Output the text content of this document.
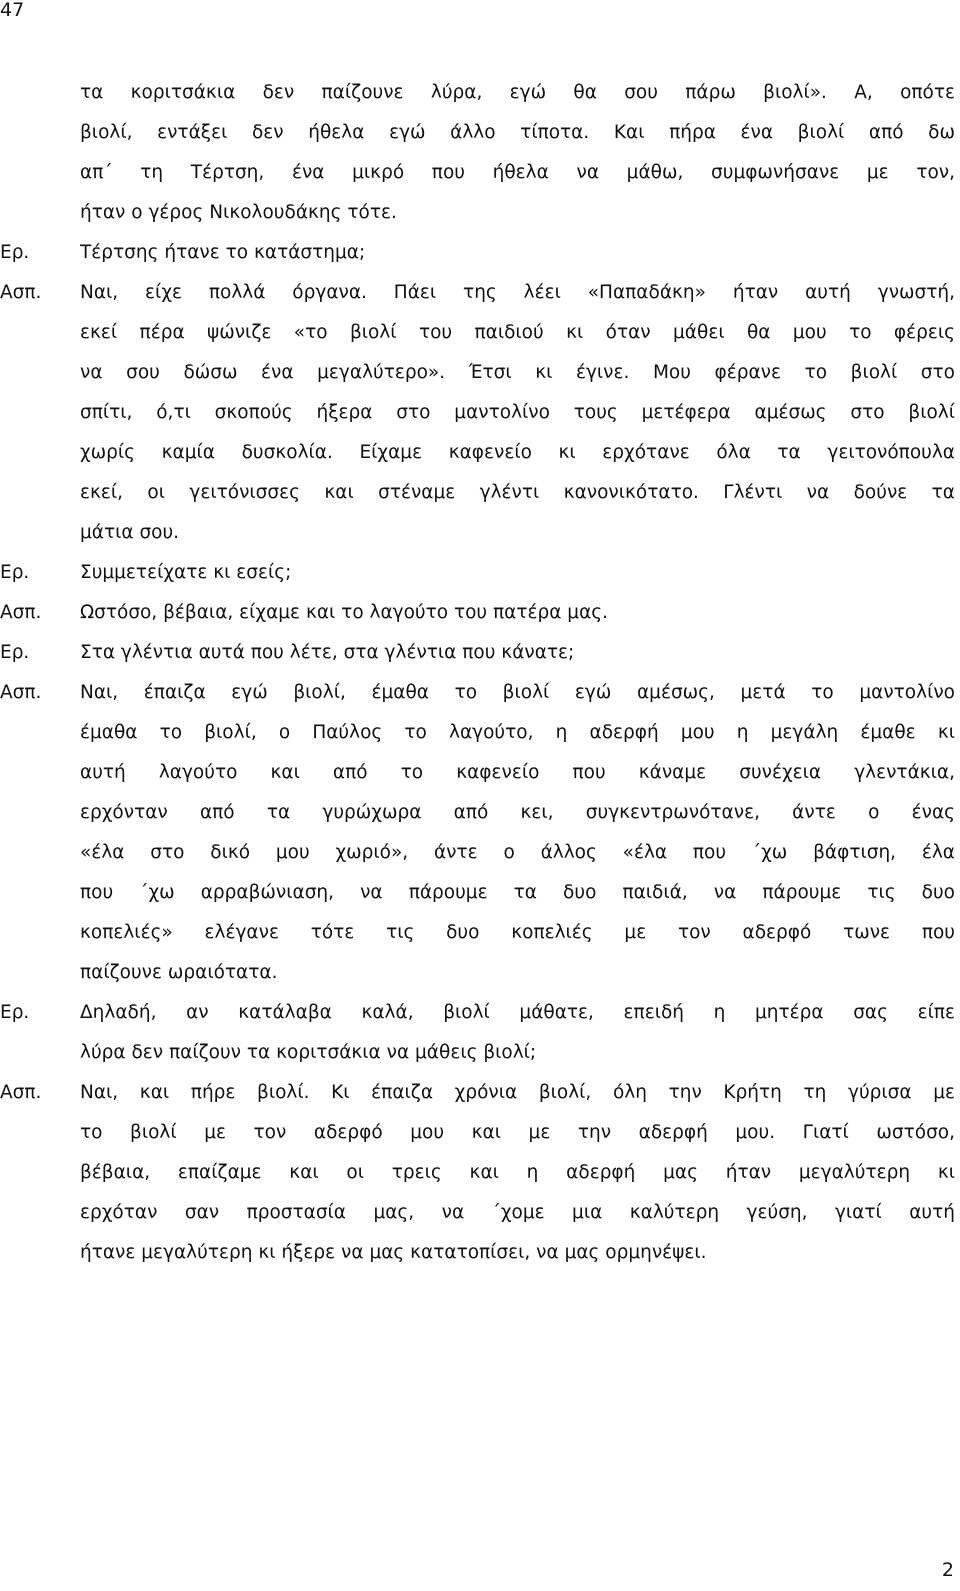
47
τα κοριτσάκια δεν παίζουνε λύρα, εγώ θα σου πάρω βιολί». Α, οπότε
βιολί, εντάξει δεν ήθελα εγώ άλλο τίποτα. Και πήρα ένα βιολί από δω
απ΄ τη Τέρτση, ένα μικρό που ήθελα να μάθω, συμφωνήσανε με τον,
ήταν ο γέρος Νικολουδάκης τότε.
Ερ.	Τέρτσης ήτανε το κατάστημα;
Ασπ.	Ναι, είχε πολλά όργανα. Πάει της λέει «Παπαδάκη» ήταν αυτή γνωστή,
εκεί πέρα ψώνιζε «το βιολί του παιδιού κι όταν μάθει θα μου το φέρεις
να σου δώσω ένα μεγαλύτερο». Έτσι κι έγινε. Μου φέρανε το βιολί στο
σπίτι, ό,τι σκοπούς ήξερα στο μαντολίνο τους μετέφερα αμέσως στο βιολί
χωρίς καμία δυσκολία. Είχαμε καφενείο κι ερχότανε όλα τα γειτονόπουλα
εκεί, οι γειτόνισσες και στέναμε γλέντι κανονικότατο. Γλέντι να δούνε τα
μάτια σου.
Ερ.	Συμμετείχατε κι εσείς;
Ασπ.	Ωστόσο, βέβαια, είχαμε και το λαγούτο του πατέρα μας.
Ερ.	Στα γλέντια αυτά που λέτε, στα γλέντια που κάνατε;
Ασπ.	Ναι, έπαιζα εγώ βιολί, έμαθα το βιολί εγώ αμέσως, μετά το μαντολίνο
έμαθα το βιολί, ο Παύλος το λαγούτο, η αδερφή μου η μεγάλη έμαθε κι
αυτή λαγούτο και από το καφενείο που κάναμε συνέχεια γλεντάκια,
ερχόνταν από τα γυρώχωρα από κει, συγκεντρωνότανε, άντε ο ένας
«έλα στο δικό μου χωριό», άντε ο άλλος «έλα που ΄χω βάφτιση, έλα
που ΄χω αρραβώνιαση, να πάρουμε τα δυο παιδιά, να πάρουμε τις δυο
κοπελιές» ελέγανε τότε τις δυο κοπελιές με τον αδερφό τωνε που
παίζουνε ωραιότατα.
Ερ.	Δηλαδή, αν κατάλαβα καλά, βιολί μάθατε, επειδή η μητέρα σας είπε
λύρα δεν παίζουν τα κοριτσάκια να μάθεις βιολί;
Ασπ.	Ναι, και πήρε βιολί. Κι έπαιζα χρόνια βιολί, όλη την Κρήτη τη γύρισα με
το βιολί με τον αδερφό μου και με την αδερφή μου. Γιατί ωστόσο,
βέβαια, επαίζαμε και οι τρεις και η αδερφή μας ήταν μεγαλύτερη κι
ερχόταν σαν προστασία μας, να ΄χομε μια καλύτερη γεύση, γιατί αυτή
ήτανε μεγαλύτερη κι ήξερε να μας κατατοπίσει, να μας ορμηνέψει.
2
